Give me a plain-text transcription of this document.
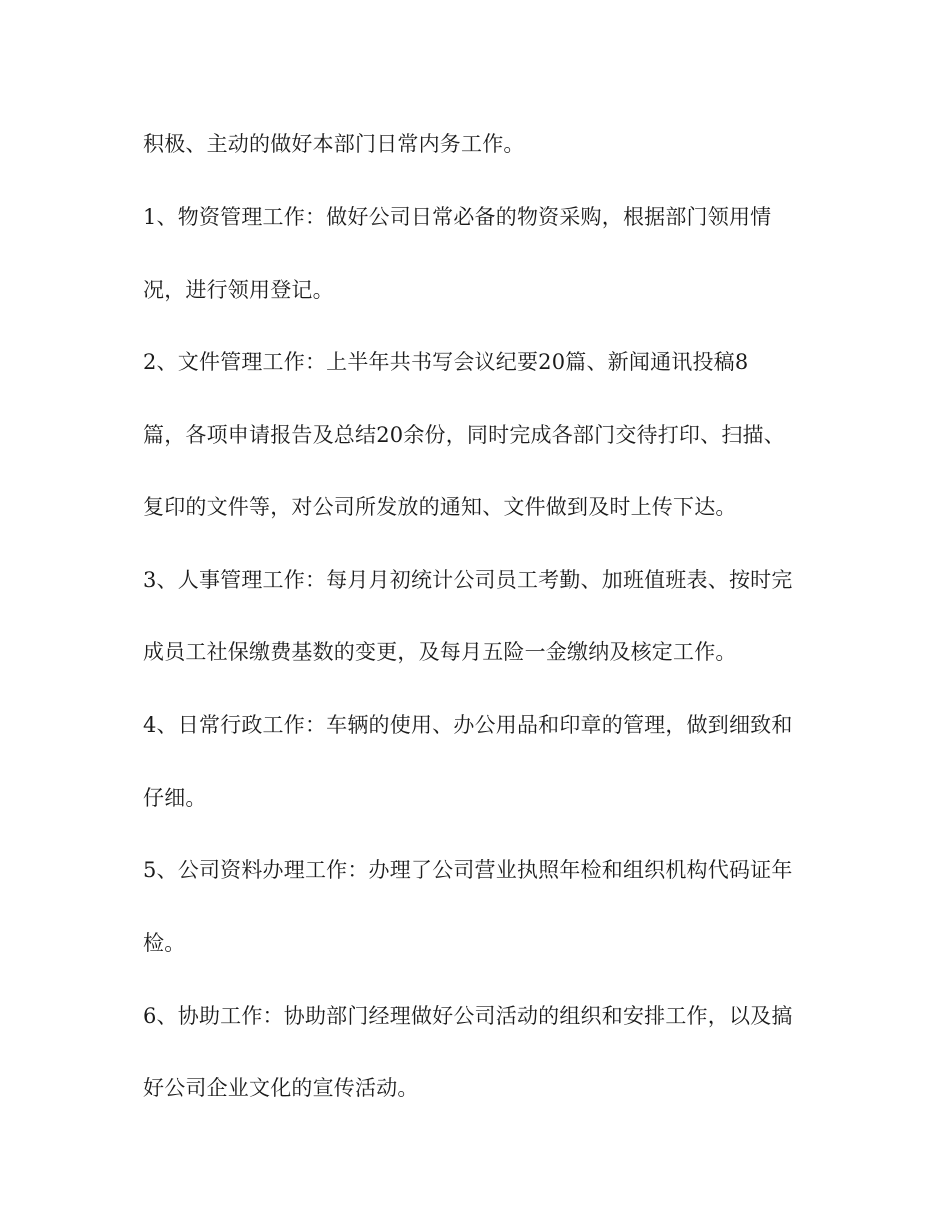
积极、主动的做好本部门日常内务工作。

1、物资管理工作：做好公司日常必备的物资采购，根据部门领用情

况，进行领用登记。

2、文件管理工作：上半年共书写会议纪要20篇、新闻通讯投稿8

篇，各项申请报告及总结20余份，同时完成各部门交待打印、扫描、

复印的文件等，对公司所发放的通知、文件做到及时上传下达。

3、人事管理工作：每月月初统计公司员工考勤、加班值班表、按时完

成员工社保缴费基数的变更，及每月五险一金缴纳及核定工作。

4、日常行政工作：车辆的使用、办公用品和印章的管理，做到细致和

仔细。

5、公司资料办理工作：办理了公司营业执照年检和组织机构代码证年

检。

6、协助工作：协助部门经理做好公司活动的组织和安排工作，以及搞

好公司企业文化的宣传活动。
